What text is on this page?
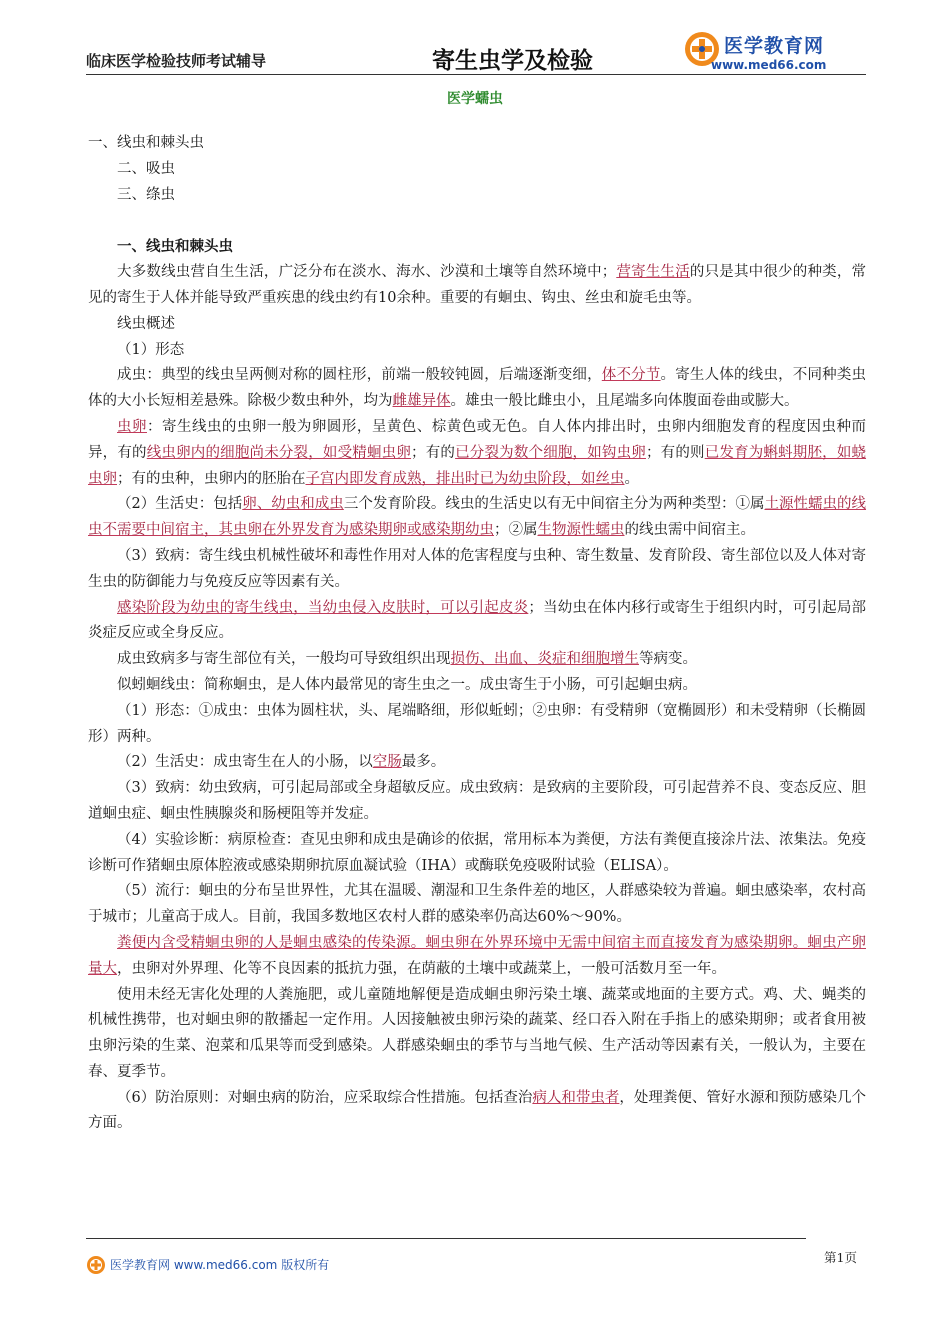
临床医学检验技师考试辅导	寄生虫学及检验
医学教育网
www.med66.com
医学蠕虫

一、线虫和棘头虫

二、吸虫

三、绦虫

一、线虫和棘头虫

大多数线虫营自生生活，广泛分布在淡水、海水、沙漠和土壤等自然环境中；营寄生生活的只是其中很少的种类，常见的寄生于人体并能导致严重疾患的线虫约有10余种。重要的有蛔虫、钩虫、丝虫和旋毛虫等。

线虫概述

（1）形态

成虫：典型的线虫呈两侧对称的圆柱形，前端一般较钝圆，后端逐渐变细，体不分节。寄生人体的线虫，不同种类虫体的大小长短相差悬殊。除极少数虫种外，均为雌雄异体。雄虫一般比雌虫小，且尾端多向体腹面卷曲或膨大。

虫卵：寄生线虫的虫卵一般为卵圆形，呈黄色、棕黄色或无色。自人体内排出时，虫卵内细胞发育的程度因虫种而异，有的线虫卵内的细胞尚未分裂，如受精蛔虫卵；有的已分裂为数个细胞，如钩虫卵；有的则已发育为蝌蚪期胚，如蛲虫卵；有的虫种，虫卵内的胚胎在子宫内即发育成熟，排出时已为幼虫阶段，如丝虫。

（2）生活史：包括卵、幼虫和成虫三个发育阶段。线虫的生活史以有无中间宿主分为两种类型：①属土源性蠕虫的线虫不需要中间宿主，其虫卵在外界发育为感染期卵或感染期幼虫；②属生物源性蠕虫的线虫需中间宿主。

（3）致病：寄生线虫机械性破坏和毒性作用对人体的危害程度与虫种、寄生数量、发育阶段、寄生部位以及人体对寄生虫的防御能力与免疫反应等因素有关。

感染阶段为幼虫的寄生线虫，当幼虫侵入皮肤时，可以引起皮炎；当幼虫在体内移行或寄生于组织内时，可引起局部炎症反应或全身反应。

成虫致病多与寄生部位有关，一般均可导致组织出现损伤、出血、炎症和细胞增生等病变。

似蚓蛔线虫：简称蛔虫，是人体内最常见的寄生虫之一。成虫寄生于小肠，可引起蛔虫病。

（1）形态：①成虫：虫体为圆柱状，头、尾端略细，形似蚯蚓；②虫卵：有受精卵（宽椭圆形）和未受精卵（长椭圆形）两种。

（2）生活史：成虫寄生在人的小肠，以空肠最多。

（3）致病：幼虫致病，可引起局部或全身超敏反应。成虫致病：是致病的主要阶段，可引起营养不良、变态反应、胆道蛔虫症、蛔虫性胰腺炎和肠梗阻等并发症。

（4）实验诊断：病原检查：查见虫卵和成虫是确诊的依据，常用标本为粪便，方法有粪便直接涂片法、浓集法。免疫诊断可作猪蛔虫原体腔液或感染期卵抗原血凝试验（IHA）或酶联免疫吸附试验（ELISA）。

（5）流行：蛔虫的分布呈世界性，尤其在温暖、潮湿和卫生条件差的地区，人群感染较为普遍。蛔虫感染率，农村高于城市；儿童高于成人。目前，我国多数地区农村人群的感染率仍高达60%～90%。

粪便内含受精蛔虫卵的人是蛔虫感染的传染源。蛔虫卵在外界环境中无需中间宿主而直接发育为感染期卵。蛔虫产卵量大，虫卵对外界理、化等不良因素的抵抗力强，在荫蔽的土壤中或蔬菜上，一般可活数月至一年。

使用未经无害化处理的人粪施肥，或儿童随地解便是造成蛔虫卵污染土壤、蔬菜或地面的主要方式。鸡、犬、蝇类的机械性携带，也对蛔虫卵的散播起一定作用。人因接触被虫卵污染的蔬菜、经口吞入附在手指上的感染期卵；或者食用被虫卵污染的生菜、泡菜和瓜果等而受到感染。人群感染蛔虫的季节与当地气候、生产活动等因素有关，一般认为，主要在春、夏季节。

（6）防治原则：对蛔虫病的防治，应采取综合性措施。包括查治病人和带虫者，处理粪便、管好水源和预防感染几个方面。

医学教育网 www.med66.com 版权所有	第1页
